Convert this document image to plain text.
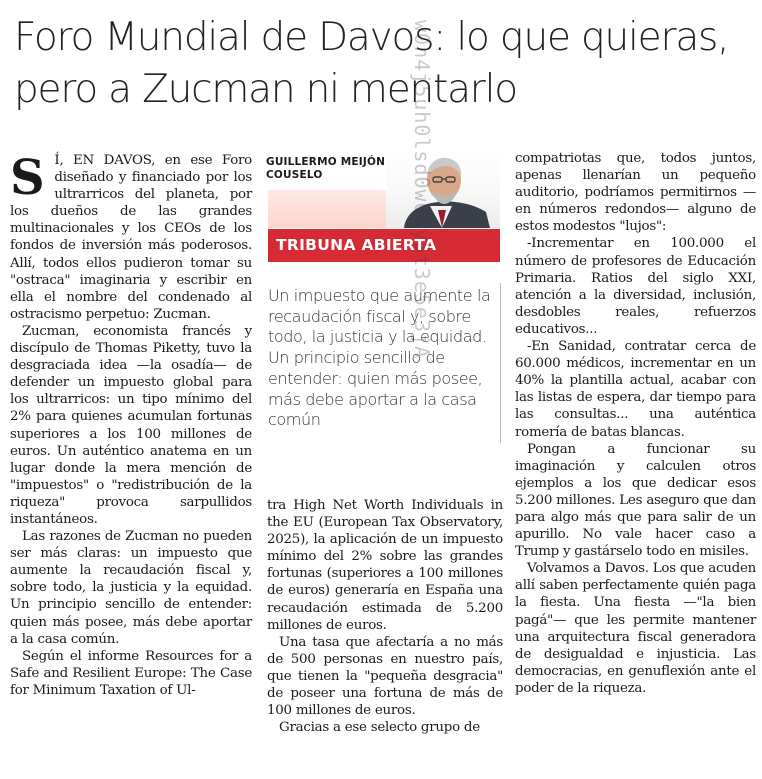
Foro Mundial de Davos: lo que quieras, pero a Zucman ni mentarlo

S Í, EN DAVOS, en ese Foro diseñado y financiado por los ultrarricos del planeta, por los dueños de las grandes multinacionales y los CEOs de los fondos de inversión más poderosos. Allí, todos ellos pudieron tomar su "ostraca" imaginaria y escribir en ella el nombre del condenado al ostracismo perpetuo: Zucman.

Zucman, economista francés y discípulo de Thomas Piketty, tuvo la desgraciada idea —la osadía— de defender un impuesto global para los ultrarricos: un tipo mínimo del 2% para quienes acumulan fortunas superiores a los 100 millones de euros. Un auténtico anatema en un lugar donde la mera mención de "impuestos" o "redistribución de la riqueza" provoca sarpullidos instantáneos.

Las razones de Zucman no pueden ser más claras: un impuesto que aumente la recaudación fiscal y, sobre todo, la justicia y la equidad. Un principio sencillo de entender: quien más posee, más debe aportar a la casa común.

Según el informe Resources for a Safe and Resilient Europe: The Case for Minimum Taxation of Ul-

GUILLERMO MEIJÓN COUSELO
TRIBUNA ABIERTA
Un impuesto que aumente la recaudación fiscal y, sobre todo, la justicia y la equidad. Un principio sencillo de entender: quien más posee, más debe aportar a la casa común

tra High Net Worth Individuals in the EU (European Tax Observatory, 2025), la aplicación de un impuesto mínimo del 2% sobre las grandes fortunas (superiores a 100 millones de euros) generaría en España una recaudación estimada de 5.200 millones de euros.

Una tasa que afectaría a no más de 500 personas en nuestro país, que tienen la "pequeña desgracia" de poseer una fortuna de más de 100 millones de euros.

Gracias a ese selecto grupo de

compatriotas que, todos juntos, apenas llenarían un pequeño auditorio, podríamos permitirnos —en números redondos— alguno de estos modestos "lujos":

-Incrementar en 100.000 el número de profesores de Educación Primaria. Ratios del siglo XXI, atención a la diversidad, inclusión, desdobles reales, refuerzos educativos...

-En Sanidad, contratar cerca de 60.000 médicos, incrementar en un 40% la plantilla actual, acabar con las listas de espera, dar tiempo para las consultas... una auténtica romería de batas blancas.

Pongan a funcionar su imaginación y calculen otros ejemplos a los que dedicar esos 5.200 millones. Les aseguro que dan para algo más que para salir de un apurillo. No vale hacer caso a Trump y gastárselo todo en misiles.

Volvamos a Davos. Los que acuden allí saben perfectamente quién paga la fiesta. Una fiesta —"la bien pagá"— que les permite mantener una arquitectura fiscal generadora de desigualdad e injusticia. Las democracias, en genuflexión ante el poder de la riqueza.

w0n4j5uh0lsd0w0ay5t3e5e3jA
